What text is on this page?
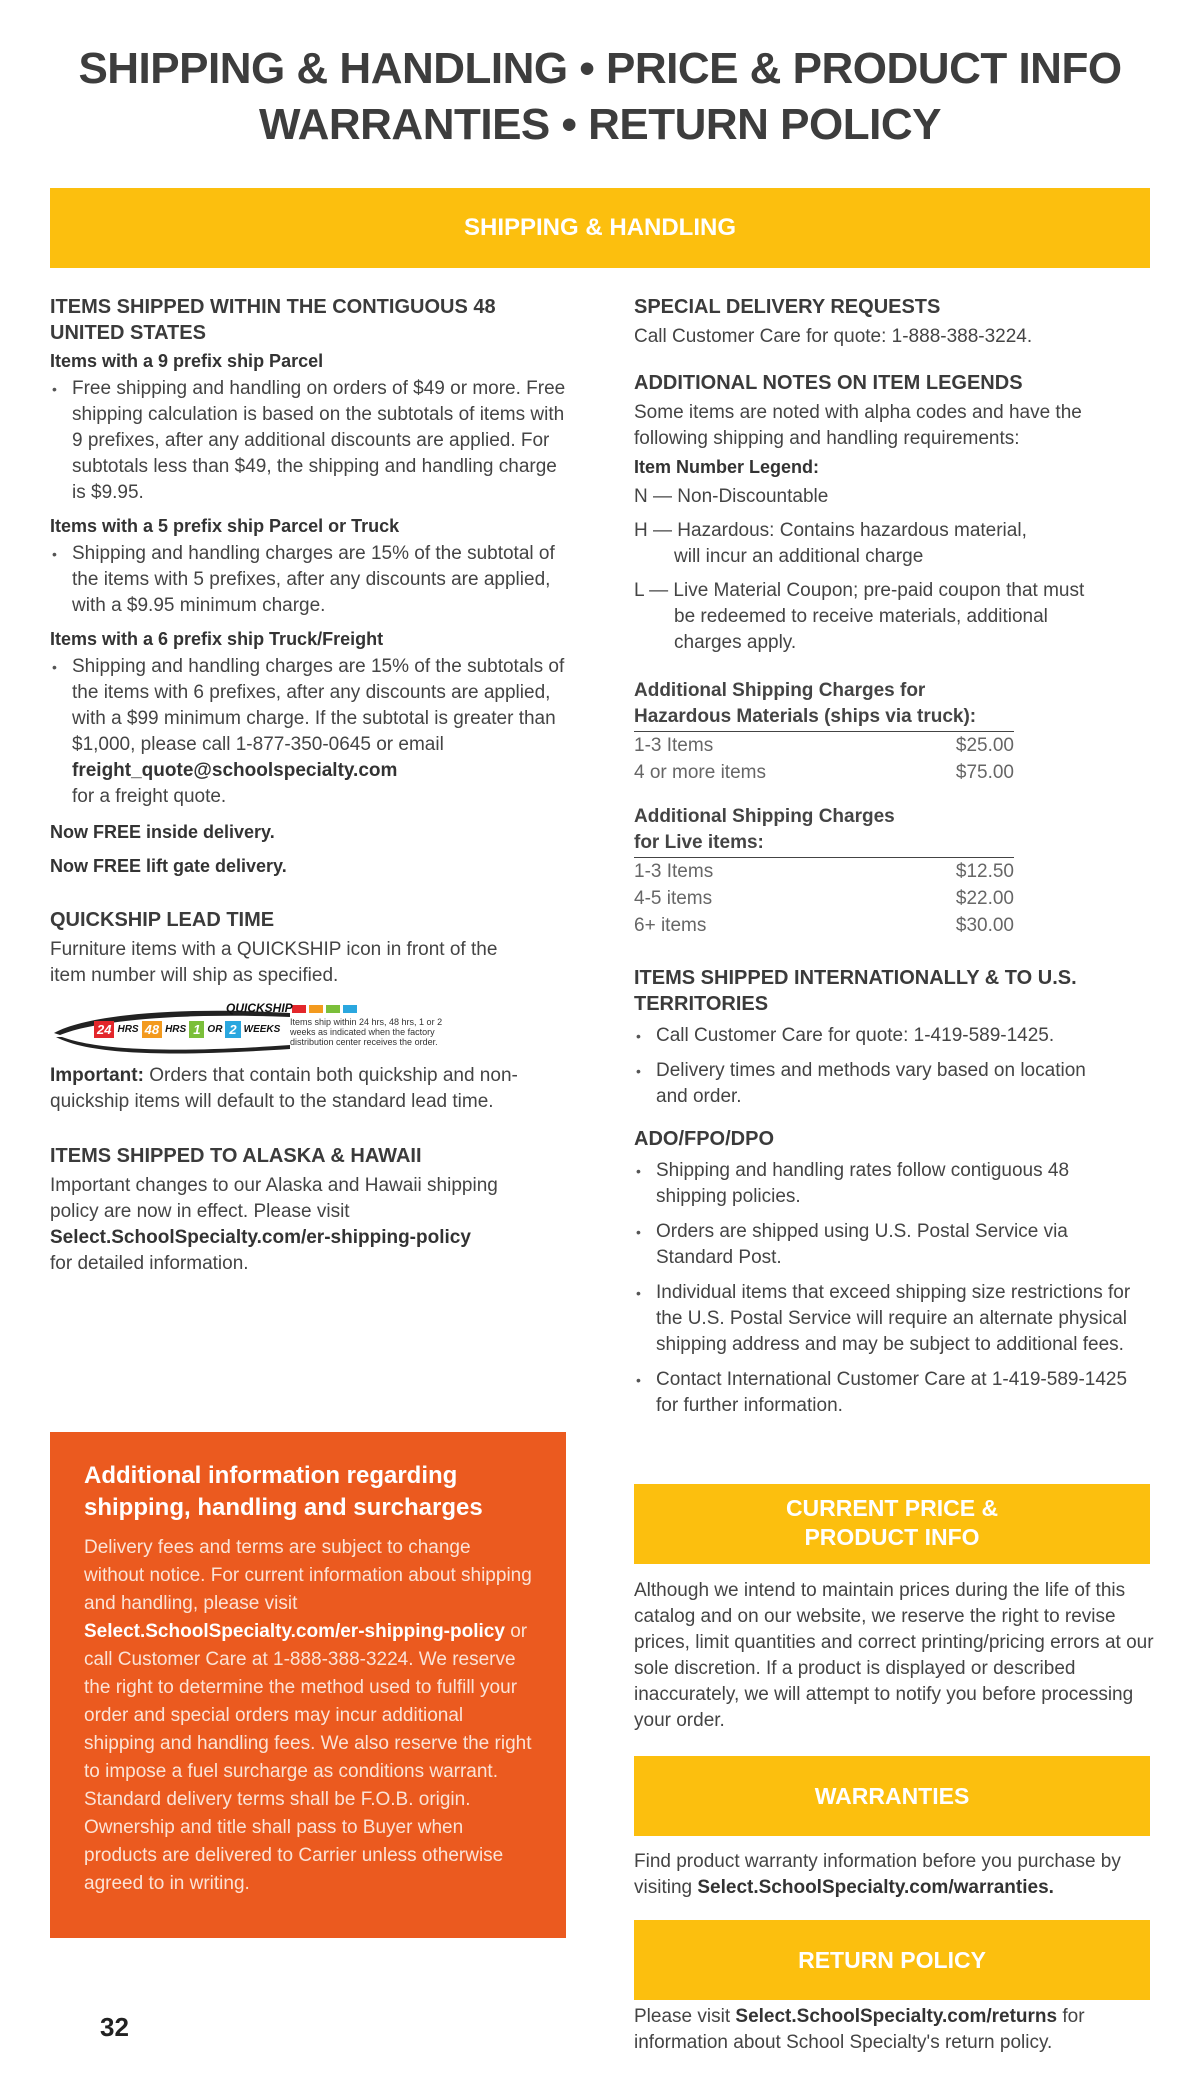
SHIPPING & HANDLING • PRICE & PRODUCT INFO
WARRANTIES • RETURN POLICY
SHIPPING & HANDLING
ITEMS SHIPPED WITHIN THE CONTIGUOUS 48 UNITED STATES
Items with a 9 prefix ship Parcel
• Free shipping and handling on orders of $49 or more. Free shipping calculation is based on the subtotals of items with 9 prefixes, after any additional discounts are applied. For subtotals less than $49, the shipping and handling charge is $9.95.
Items with a 5 prefix ship Parcel or Truck
• Shipping and handling charges are 15% of the subtotal of the items with 5 prefixes, after any discounts are applied, with a $9.95 minimum charge.
Items with a 6 prefix ship Truck/Freight
• Shipping and handling charges are 15% of the subtotals of the items with 6 prefixes, after any discounts are applied, with a $99 minimum charge. If the subtotal is greater than $1,000, please call 1-877-350-0645 or email
freight_quote@schoolspecialty.com
for a freight quote.
Now FREE inside delivery.
Now FREE lift gate delivery.
QUICKSHIP LEAD TIME
Furniture items with a QUICKSHIP icon in front of the item number will ship as specified.
QUICKSHIP
24 HRS 48 HRS 1 OR 2 WEEKS
Items ship within 24 hrs, 48 hrs, 1 or 2 weeks as indicated when the factory distribution center receives the order.
Important: Orders that contain both quickship and non-quickship items will default to the standard lead time.
ITEMS SHIPPED TO ALASKA & HAWAII
Important changes to our Alaska and Hawaii shipping policy are now in effect. Please visit
Select.SchoolSpecialty.com/er-shipping-policy
for detailed information.
Additional information regarding shipping, handling and surcharges
Delivery fees and terms are subject to change without notice. For current information about shipping and handling, please visit Select.SchoolSpecialty.com/er-shipping-policy or call Customer Care at 1-888-388-3224. We reserve the right to determine the method used to fulfill your order and special orders may incur additional shipping and handling fees. We also reserve the right to impose a fuel surcharge as conditions warrant. Standard delivery terms shall be F.O.B. origin. Ownership and title shall pass to Buyer when products are delivered to Carrier unless otherwise agreed to in writing.
32
SPECIAL DELIVERY REQUESTS
Call Customer Care for quote: 1-888-388-3224.
ADDITIONAL NOTES ON ITEM LEGENDS
Some items are noted with alpha codes and have the following shipping and handling requirements:
Item Number Legend:
N — Non-Discountable
H — Hazardous: Contains hazardous material,
will incur an additional charge
L — Live Material Coupon; pre-paid coupon that must
be redeemed to receive materials, additional
charges apply.
Additional Shipping Charges for
Hazardous Materials (ships via truck):
1-3 Items	$25.00
4 or more items	$75.00
Additional Shipping Charges
for Live items:
1-3 Items	$12.50
4-5 items	$22.00
6+ items	$30.00
ITEMS SHIPPED INTERNATIONALLY & TO U.S. TERRITORIES
• Call Customer Care for quote: 1-419-589-1425.
• Delivery times and methods vary based on location and order.
ADO/FPO/DPO
• Shipping and handling rates follow contiguous 48 shipping policies.
• Orders are shipped using U.S. Postal Service via Standard Post.
• Individual items that exceed shipping size restrictions for the U.S. Postal Service will require an alternate physical shipping address and may be subject to additional fees.
• Contact International Customer Care at 1-419-589-1425 for further information.
CURRENT PRICE & PRODUCT INFO
Although we intend to maintain prices during the life of this catalog and on our website, we reserve the right to revise prices, limit quantities and correct printing/pricing errors at our sole discretion. If a product is displayed or described inaccurately, we will attempt to notify you before processing your order.
WARRANTIES
Find product warranty information before you purchase by visiting Select.SchoolSpecialty.com/warranties.
RETURN POLICY
Please visit Select.SchoolSpecialty.com/returns for information about School Specialty's return policy.
